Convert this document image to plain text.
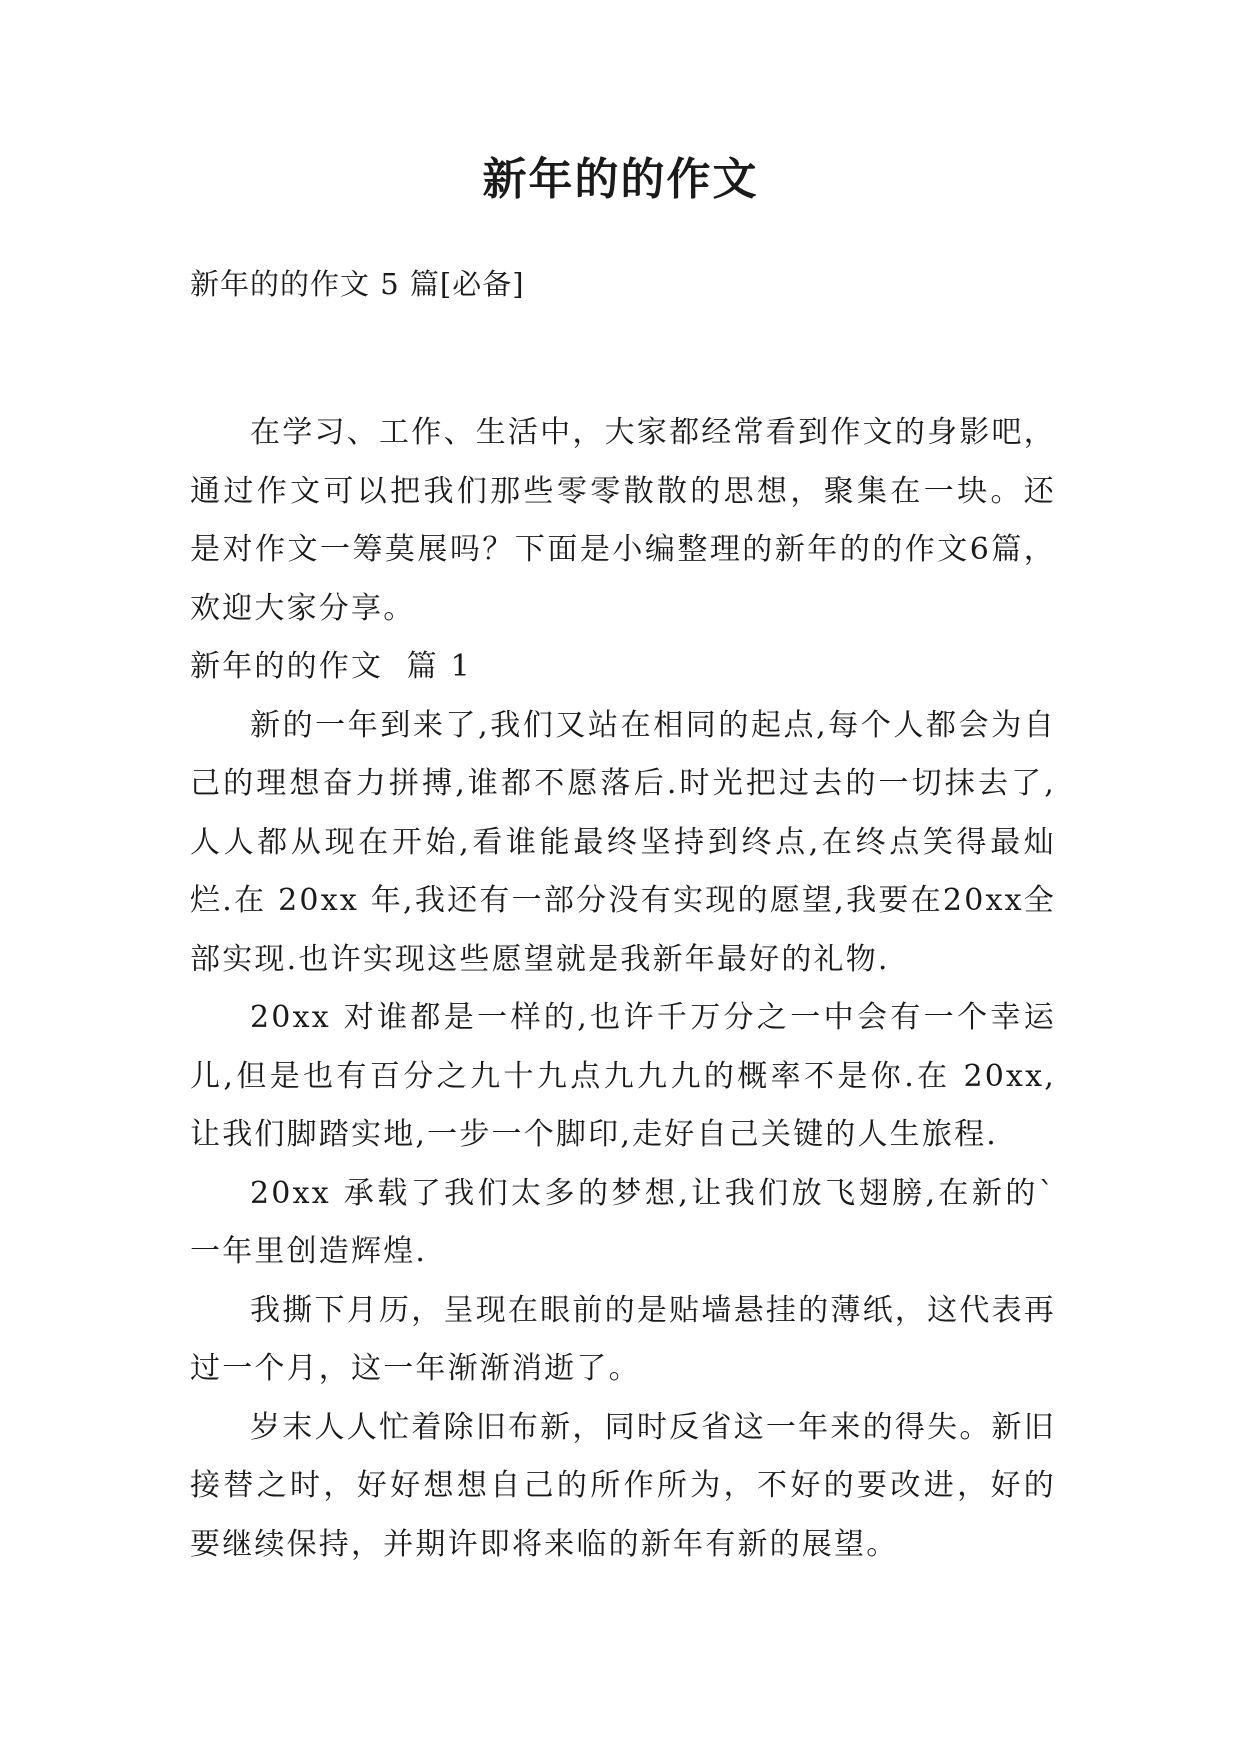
新年的的作文
新年的的作文 5 篇[必备]

在学习、工作、生活中，大家都经常看到作文的身影吧，通过作文可以把我们那些零零散散的思想，聚集在一块。还是对作文一筹莫展吗？下面是小编整理的新年的的作文6篇，欢迎大家分享。

新年的的作文  篇 1

新的一年到来了,我们又站在相同的起点,每个人都会为自己的理想奋力拼搏,谁都不愿落后.时光把过去的一切抹去了,人人都从现在开始,看谁能最终坚持到终点,在终点笑得最灿烂.在 20xx 年,我还有一部分没有实现的愿望,我要在20xx全部实现.也许实现这些愿望就是我新年最好的礼物.

20xx 对谁都是一样的,也许千万分之一中会有一个幸运儿,但是也有百分之九十九点九九九的概率不是你.在 20xx,让我们脚踏实地,一步一个脚印,走好自己关键的人生旅程.

20xx 承载了我们太多的梦想,让我们放飞翅膀,在新的`一年里创造辉煌.

我撕下月历，呈现在眼前的是贴墙悬挂的薄纸，这代表再过一个月，这一年渐渐消逝了。

岁末人人忙着除旧布新，同时反省这一年来的得失。新旧接替之时，好好想想自己的所作所为，不好的要改进，好的要继续保持，并期许即将来临的新年有新的展望。
